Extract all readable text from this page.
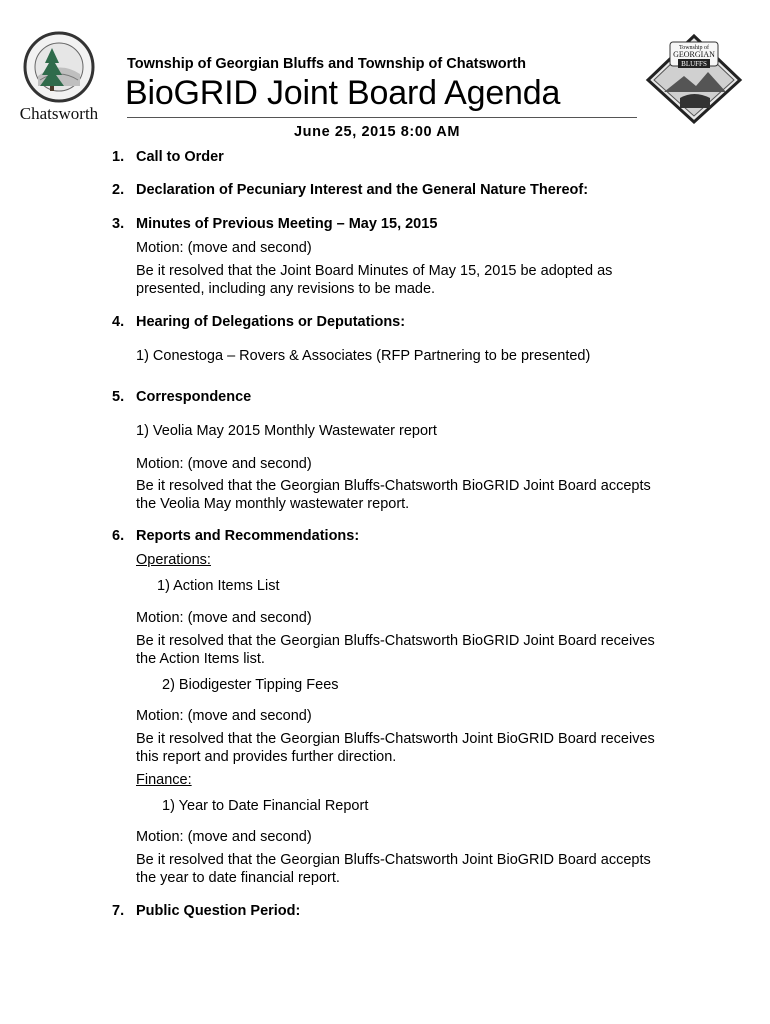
Chatsworth
Township of
GEORGIAN
BLUFFS
Township of Georgian Bluffs and Township of Chatsworth
BioGRID Joint Board Agenda
June 25, 2015 8:00 AM
1. Call to Order
2. Declaration of Pecuniary Interest and the General Nature Thereof:
3. Minutes of Previous Meeting – May 15, 2015
Motion: (move and second)
Be it resolved that the Joint Board Minutes of May 15, 2015 be adopted as
presented, including any revisions to be made.
4. Hearing of Delegations or Deputations:
1) Conestoga – Rovers & Associates (RFP Partnering to be presented)
5. Correspondence
1) Veolia May 2015 Monthly Wastewater report
Motion: (move and second)
Be it resolved that the Georgian Bluffs-Chatsworth BioGRID Joint Board accepts
the Veolia May monthly wastewater report.
6. Reports and Recommendations:
Operations:
1) Action Items List
Motion: (move and second)
Be it resolved that the Georgian Bluffs-Chatsworth BioGRID Joint Board receives
the Action Items list.
2) Biodigester Tipping Fees
Motion: (move and second)
Be it resolved that the Georgian Bluffs-Chatsworth Joint BioGRID Board receives
this report and provides further direction.
Finance:
1) Year to Date Financial Report
Motion: (move and second)
Be it resolved that the Georgian Bluffs-Chatsworth Joint BioGRID Board accepts
the year to date financial report.
7. Public Question Period:
